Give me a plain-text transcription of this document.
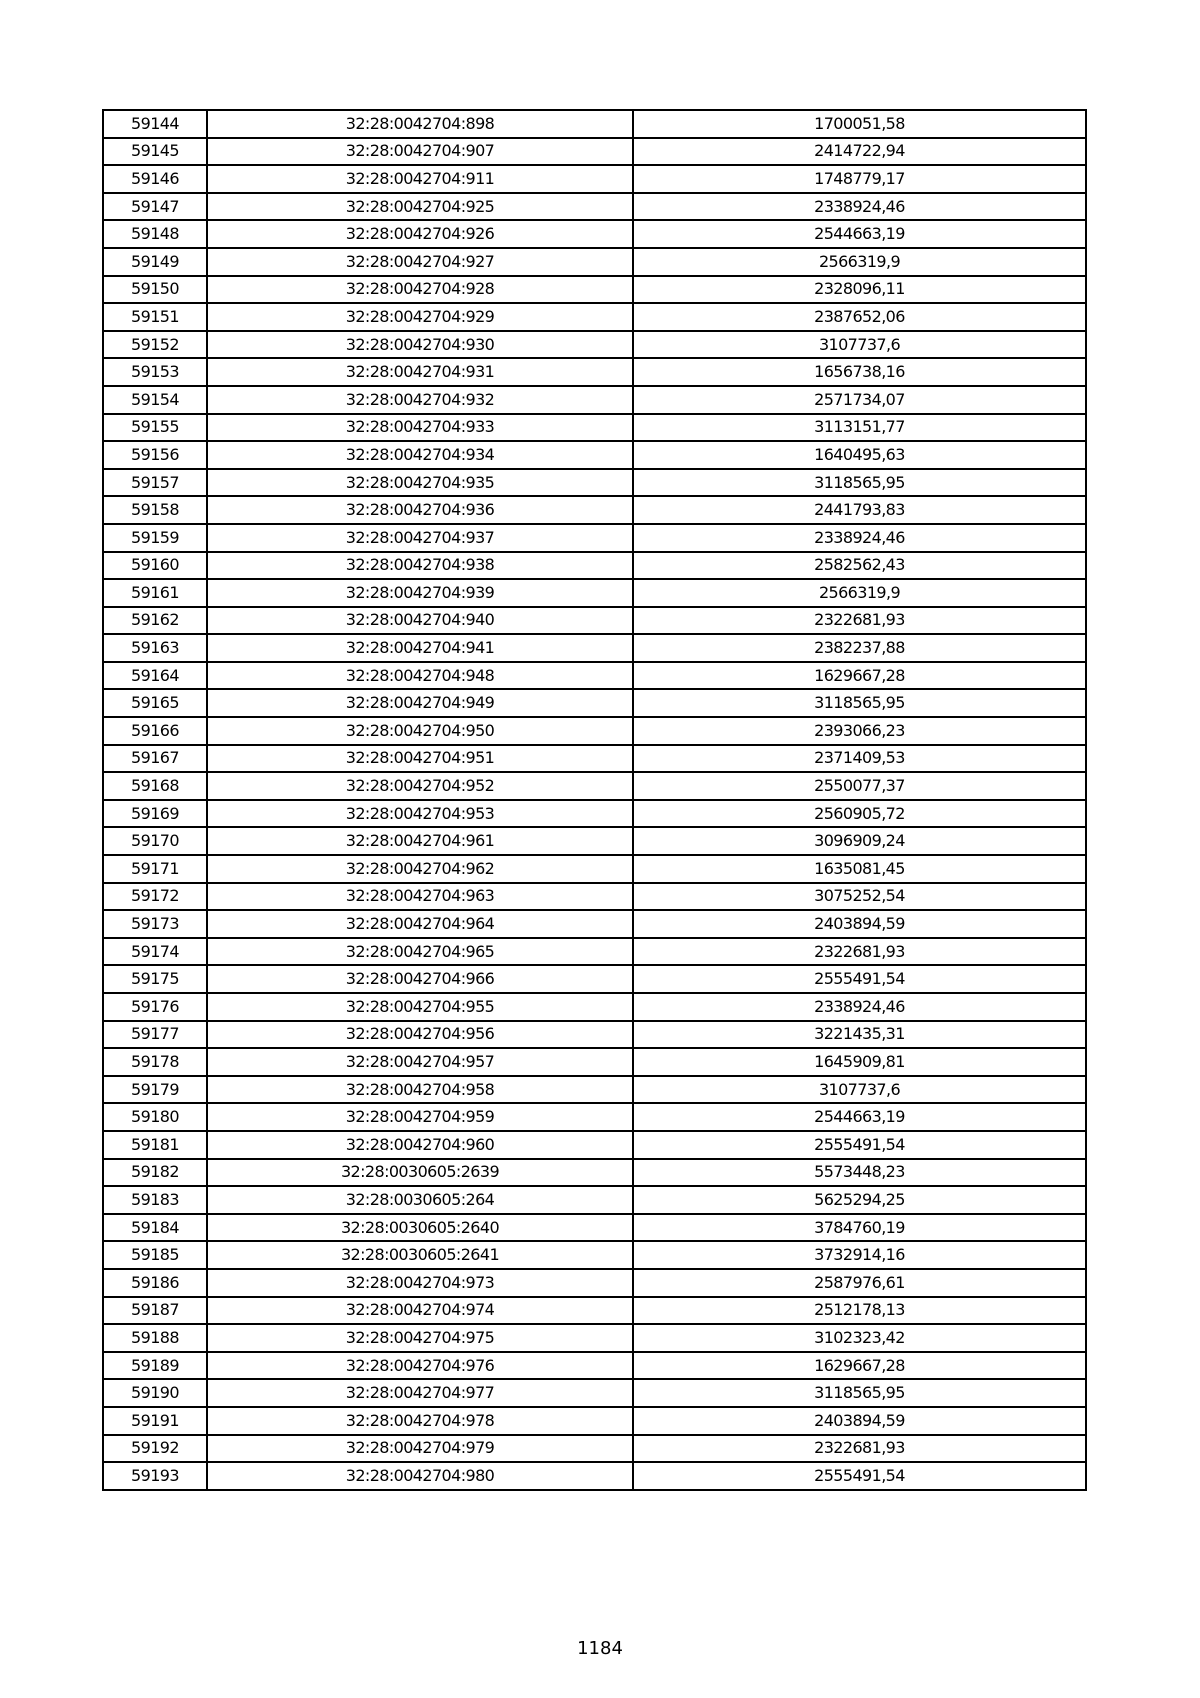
59144	32:28:0042704:898	1700051,58
59145	32:28:0042704:907	2414722,94
59146	32:28:0042704:911	1748779,17
59147	32:28:0042704:925	2338924,46
59148	32:28:0042704:926	2544663,19
59149	32:28:0042704:927	2566319,9
59150	32:28:0042704:928	2328096,11
59151	32:28:0042704:929	2387652,06
59152	32:28:0042704:930	3107737,6
59153	32:28:0042704:931	1656738,16
59154	32:28:0042704:932	2571734,07
59155	32:28:0042704:933	3113151,77
59156	32:28:0042704:934	1640495,63
59157	32:28:0042704:935	3118565,95
59158	32:28:0042704:936	2441793,83
59159	32:28:0042704:937	2338924,46
59160	32:28:0042704:938	2582562,43
59161	32:28:0042704:939	2566319,9
59162	32:28:0042704:940	2322681,93
59163	32:28:0042704:941	2382237,88
59164	32:28:0042704:948	1629667,28
59165	32:28:0042704:949	3118565,95
59166	32:28:0042704:950	2393066,23
59167	32:28:0042704:951	2371409,53
59168	32:28:0042704:952	2550077,37
59169	32:28:0042704:953	2560905,72
59170	32:28:0042704:961	3096909,24
59171	32:28:0042704:962	1635081,45
59172	32:28:0042704:963	3075252,54
59173	32:28:0042704:964	2403894,59
59174	32:28:0042704:965	2322681,93
59175	32:28:0042704:966	2555491,54
59176	32:28:0042704:955	2338924,46
59177	32:28:0042704:956	3221435,31
59178	32:28:0042704:957	1645909,81
59179	32:28:0042704:958	3107737,6
59180	32:28:0042704:959	2544663,19
59181	32:28:0042704:960	2555491,54
59182	32:28:0030605:2639	5573448,23
59183	32:28:0030605:264	5625294,25
59184	32:28:0030605:2640	3784760,19
59185	32:28:0030605:2641	3732914,16
59186	32:28:0042704:973	2587976,61
59187	32:28:0042704:974	2512178,13
59188	32:28:0042704:975	3102323,42
59189	32:28:0042704:976	1629667,28
59190	32:28:0042704:977	3118565,95
59191	32:28:0042704:978	2403894,59
59192	32:28:0042704:979	2322681,93
59193	32:28:0042704:980	2555491,54
1184
